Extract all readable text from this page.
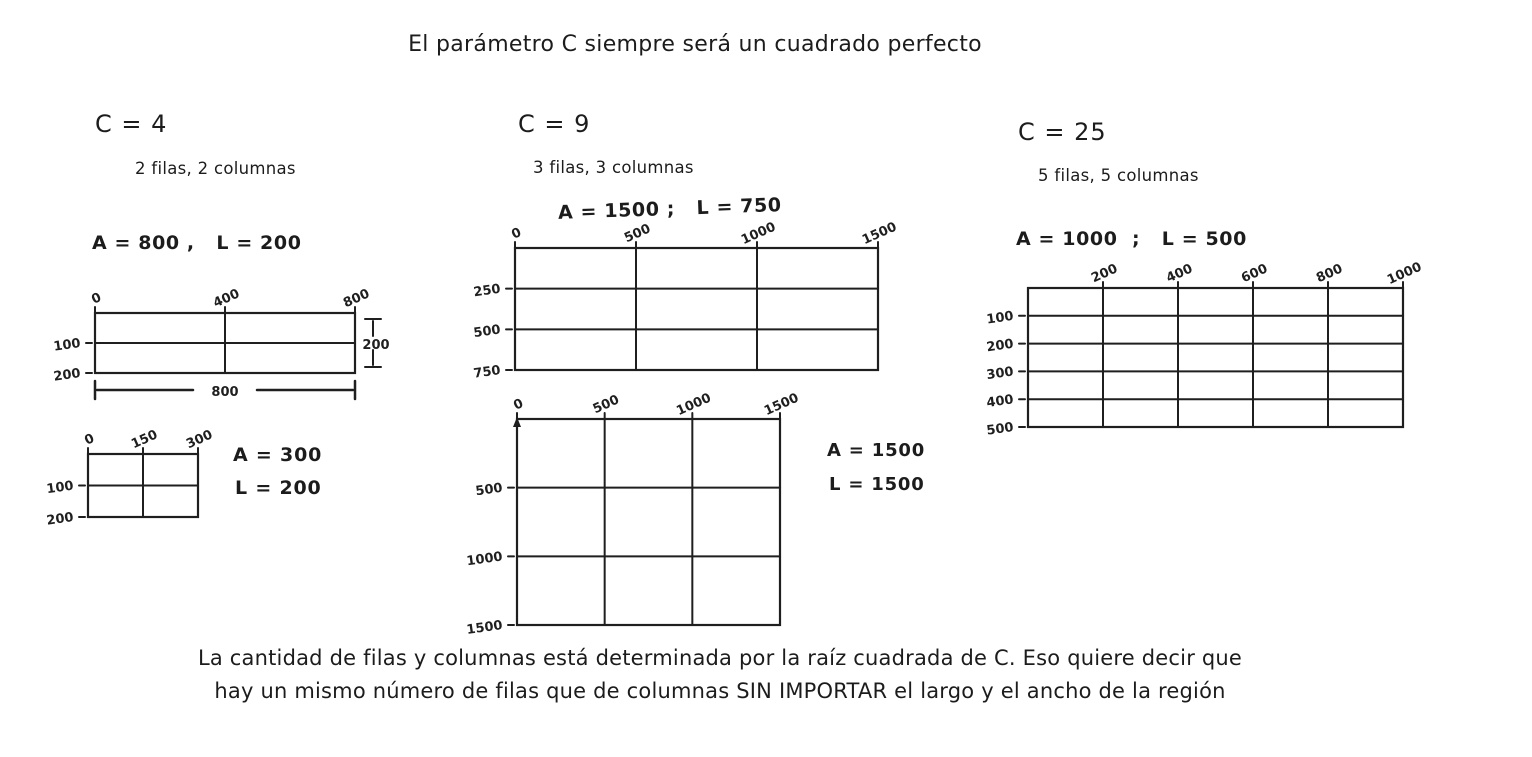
El parámetro C siempre será un cuadrado perfecto
C = 4
2 filas, 2 columnas
A = 800 ,   L = 200
0	400	800
100
200
200
800
0 150 300
100
200
A = 300
L = 200
C = 9
3 filas, 3 columnas
A = 1500 ;   L = 750
0	500	1000	1500
250
500
750
0	500	1000	1500
500
1000
1500
A = 1500
L = 1500
C = 25
5 filas, 5 columnas
A = 1000  ;   L = 500
200	400	600	800	1000
100
200
300
400
500
La cantidad de filas y columnas está determinada por la raíz cuadrada de C. Eso quiere decir que
hay un mismo número de filas que de columnas SIN IMPORTAR el largo y el ancho de la región
